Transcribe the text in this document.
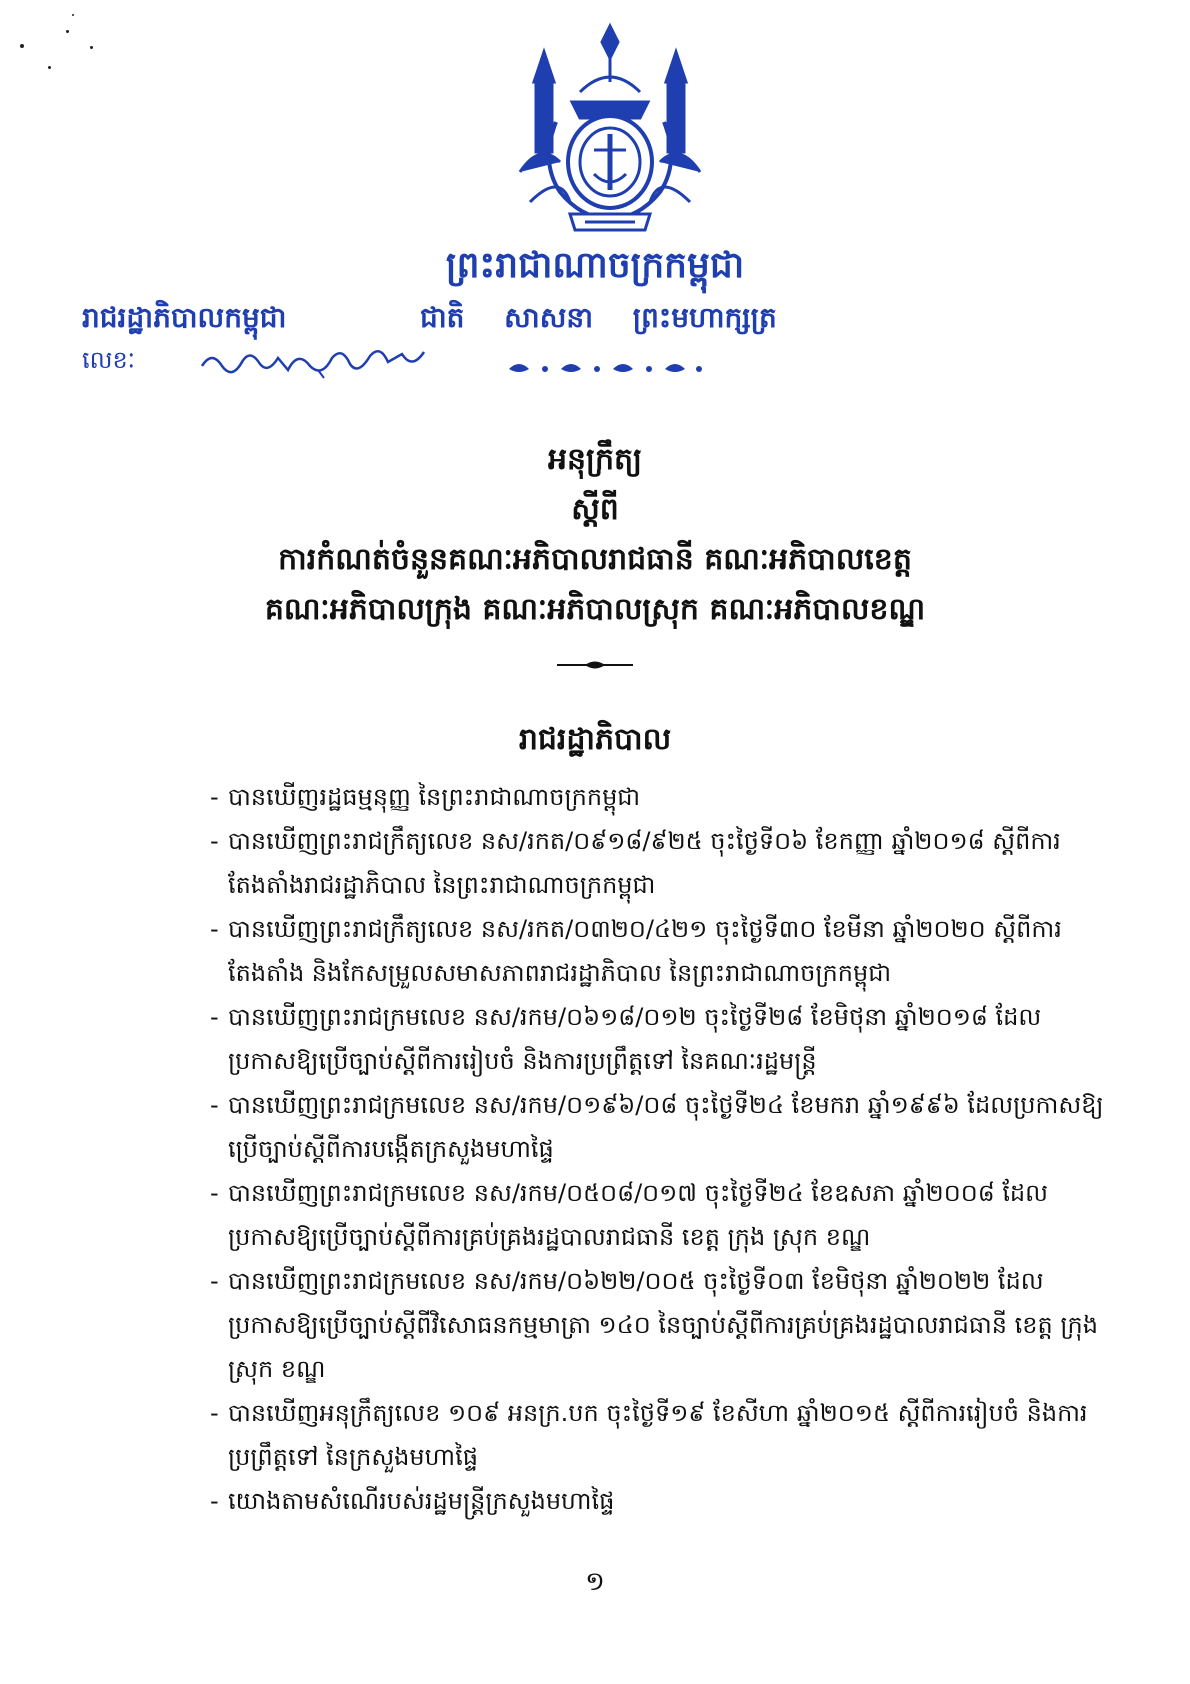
ព្រះរាជាណាចក្រកម្ពុជា
រាជរដ្ឋាភិបាលកម្ពុជា	ជាតិ សាសនា ព្រះមហាក្សត្រ
លេខៈ
អនុក្រឹត្យ
ស្តីពី
ការកំណត់ចំនួនគណៈអភិបាលរាជធានី គណៈអភិបាលខេត្ត
គណៈអភិបាលក្រុង គណៈអភិបាលស្រុក គណៈអភិបាលខណ្ឌ
រាជរដ្ឋាភិបាល
- បានឃើញរដ្ឋធម្មនុញ្ញ នៃព្រះរាជាណាចក្រកម្ពុជា
- បានឃើញព្រះរាជក្រឹត្យលេខ នស/រកត/០៩១៨/៩២៥ ចុះថ្ងៃទី០៦ ខែកញ្ញា ឆ្នាំ២០១៨ ស្តីពីការតែងតាំងរាជរដ្ឋាភិបាល នៃព្រះរាជាណាចក្រកម្ពុជា
- បានឃើញព្រះរាជក្រឹត្យលេខ នស/រកត/០៣២០/៤២១ ចុះថ្ងៃទី៣០ ខែមីនា ឆ្នាំ២០២០ ស្តីពីការតែងតាំង និងកែសម្រួលសមាសភាពរាជរដ្ឋាភិបាល នៃព្រះរាជាណាចក្រកម្ពុជា
- បានឃើញព្រះរាជក្រមលេខ នស/រកម/០៦១៨/០១២ ចុះថ្ងៃទី២៨ ខែមិថុនា ឆ្នាំ២០១៨ ដែលប្រកាសឱ្យប្រើច្បាប់ស្តីពីការរៀបចំ និងការប្រព្រឹត្តទៅ នៃគណៈរដ្ឋមន្ត្រី
- បានឃើញព្រះរាជក្រមលេខ នស/រកម/០១៩៦/០៨ ចុះថ្ងៃទី២៤ ខែមករា ឆ្នាំ១៩៩៦ ដែលប្រកាសឱ្យប្រើច្បាប់ស្តីពីការបង្កើតក្រសួងមហាផ្ទៃ
- បានឃើញព្រះរាជក្រមលេខ នស/រកម/០៥០៨/០១៧ ចុះថ្ងៃទី២៤ ខែឧសភា ឆ្នាំ២០០៨ ដែលប្រកាសឱ្យប្រើច្បាប់ស្តីពីការគ្រប់គ្រងរដ្ឋបាលរាជធានី ខេត្ត ក្រុង ស្រុក ខណ្ឌ
- បានឃើញព្រះរាជក្រមលេខ នស/រកម/០៦២២/០០៥ ចុះថ្ងៃទី០៣ ខែមិថុនា ឆ្នាំ២០២២ ដែលប្រកាសឱ្យប្រើច្បាប់ស្តីពីវិសោធនកម្មមាត្រា ១៤០ នៃច្បាប់ស្តីពីការគ្រប់គ្រងរដ្ឋបាលរាជធានី ខេត្ត ក្រុង ស្រុក ខណ្ឌ
- បានឃើញអនុក្រឹត្យលេខ ១០៩ អនក្រ.បក ចុះថ្ងៃទី១៩ ខែសីហា ឆ្នាំ២០១៥ ស្តីពីការរៀបចំ និងការប្រព្រឹត្តទៅ នៃក្រសួងមហាផ្ទៃ
- យោងតាមសំណើរបស់រដ្ឋមន្ត្រីក្រសួងមហាផ្ទៃ
១
